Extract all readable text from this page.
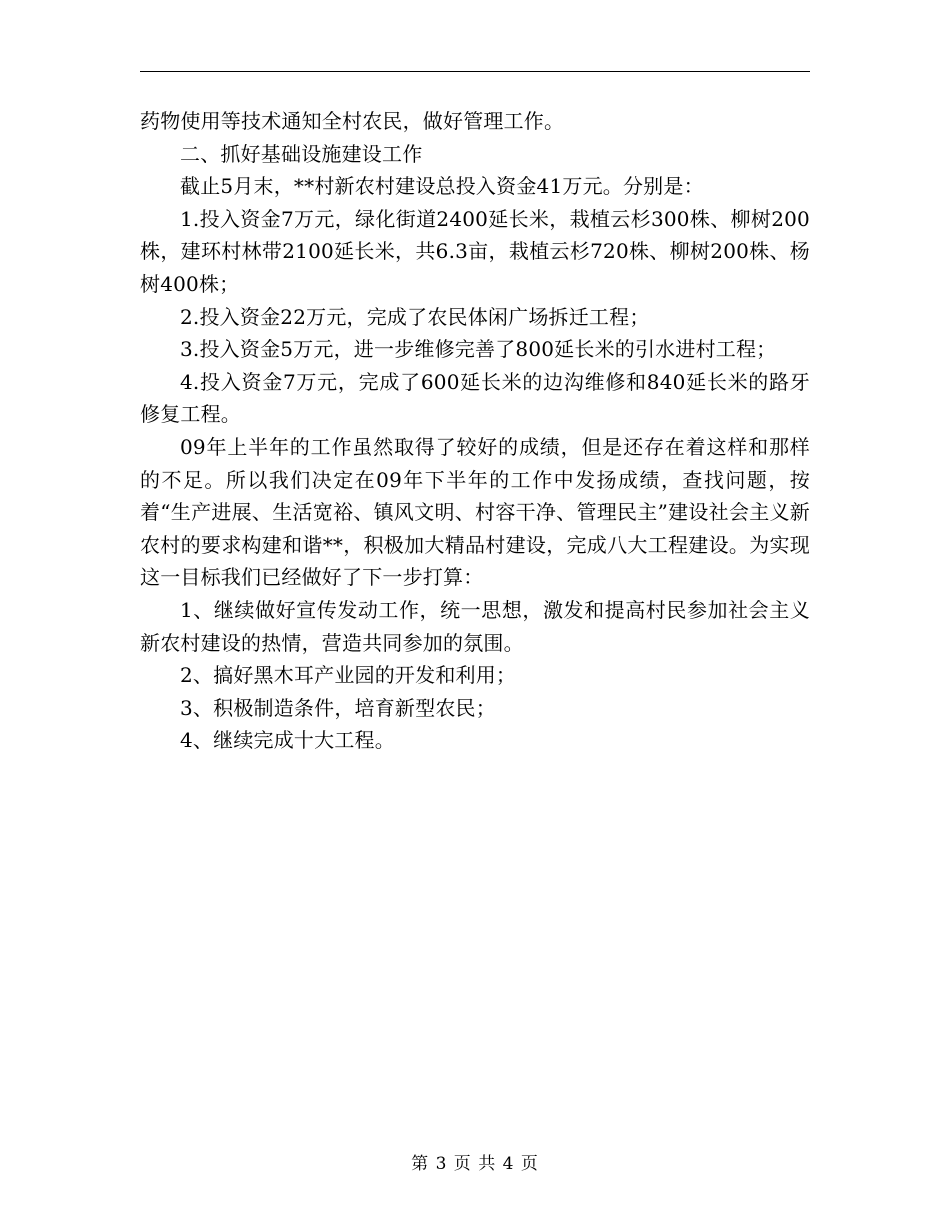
药物使用等技术通知全村农民，做好管理工作。

二、抓好基础设施建设工作

截止5月末，**村新农村建设总投入资金41万元。分别是：

1.投入资金7万元，绿化街道2400延长米，栽植云杉300株、柳树200株，建环村林带2100延长米，共6.3亩，栽植云杉720株、柳树200株、杨树400株；

2.投入资金22万元，完成了农民体闲广场拆迁工程；

3.投入资金5万元，进一步维修完善了800延长米的引水进村工程；

4.投入资金7万元，完成了600延长米的边沟维修和840延长米的路牙修复工程。

09年上半年的工作虽然取得了较好的成绩，但是还存在着这样和那样的不足。所以我们决定在09年下半年的工作中发扬成绩，查找问题，按着“生产进展、生活宽裕、镇风文明、村容干净、管理民主”建设社会主义新农村的要求构建和谐**，积极加大精品村建设，完成八大工程建设。为实现这一目标我们已经做好了下一步打算：

1、继续做好宣传发动工作，统一思想，激发和提高村民参加社会主义新农村建设的热情，营造共同参加的氛围。

2、搞好黑木耳产业园的开发和利用；

3、积极制造条件，培育新型农民；

4、继续完成十大工程。

第 3 页 共 4 页
